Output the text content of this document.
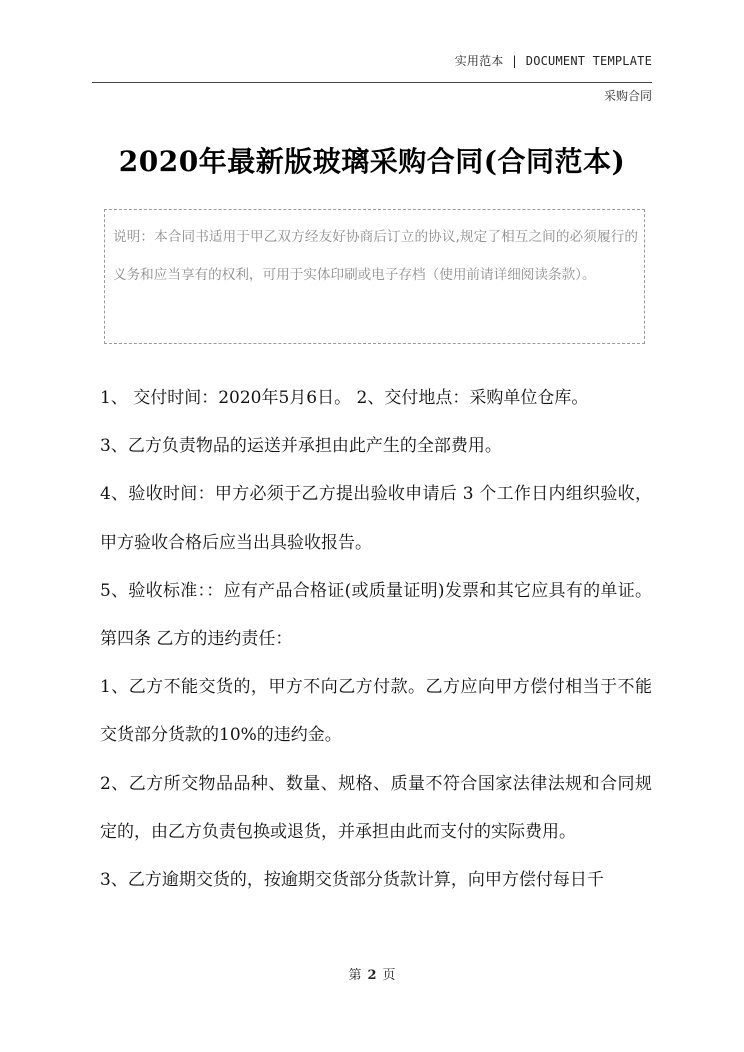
实用范本 | DOCUMENT TEMPLATE
采购合同
2020年最新版玻璃采购合同(合同范本)
说明：本合同书适用于甲乙双方经友好协商后订立的协议,规定了相互之间的必须履行的义务和应当享有的权利，可用于实体印刷或电子存档（使用前请详细阅读条款）。

1、 交付时间：2020年5月6日。 2、交付地点：采购单位仓库。

3、乙方负责物品的运送并承担由此产生的全部费用。

4、验收时间：甲方必须于乙方提出验收申请后 3 个工作日内组织验收，甲方验收合格后应当出具验收报告。

5、验收标准：：应有产品合格证(或质量证明)发票和其它应具有的单证。 第四条 乙方的违约责任：

1、乙方不能交货的，甲方不向乙方付款。乙方应向甲方偿付相当于不能交货部分货款的10%的违约金。

2、乙方所交物品品种、数量、规格、质量不符合国家法律法规和合同规定的，由乙方负责包换或退货，并承担由此而支付的实际费用。

3、乙方逾期交货的，按逾期交货部分货款计算，向甲方偿付每日千

第 2 页
